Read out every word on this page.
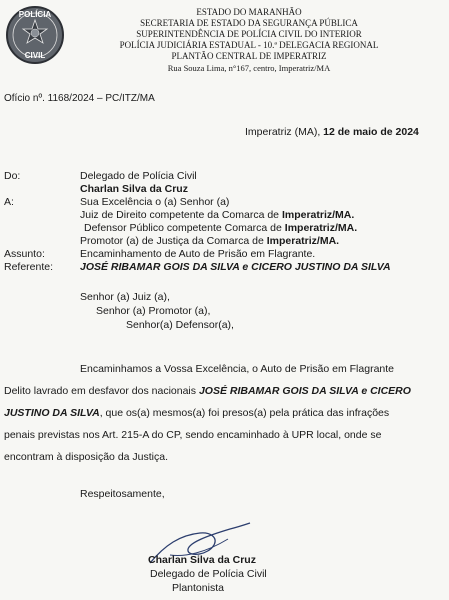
POLÍCIA
CIVIL
ESTADO DO MARANHÃO
SECRETARIA DE ESTADO DA SEGURANÇA PÚBLICA
SUPERINTENDÊNCIA DE POLÍCIA CIVIL DO INTERIOR
POLÍCIA JUDICIÁRIA ESTADUAL - 10.ª DELEGACIA REGIONAL
PLANTÃO CENTRAL DE IMPERATRIZ
Rua Souza Lima, n°167, centro, Imperatriz/MA
Ofício nº. 1168/2024 – PC/ITZ/MA
Imperatriz (MA), 12 de maio de 2024
Do:	Delegado de Polícia Civil
Charlan Silva da Cruz
A:	Sua Excelência o (a) Senhor (a)
Juiz de Direito competente da Comarca de Imperatriz/MA.
Defensor Público competente Comarca de Imperatriz/MA.
Promotor (a) de Justiça da Comarca de Imperatriz/MA.
Assunto:	Encaminhamento de Auto de Prisão em Flagrante.
Referente:	JOSÉ RIBAMAR GOIS DA SILVA e CICERO JUSTINO DA SILVA
Senhor (a) Juiz (a),
Senhor (a) Promotor (a),
Senhor(a) Defensor(a),
Encaminhamos a Vossa Excelência, o Auto de Prisão em Flagrante
Delito lavrado em desfavor dos nacionais JOSÉ RIBAMAR GOIS DA SILVA e CICERO
JUSTINO DA SILVA, que os(a) mesmos(a) foi presos(a) pela prática das infrações
penais previstas nos Art. 215-A do CP, sendo encaminhado à UPR local, onde se
encontram à disposição da Justiça.
Respeitosamente,
Charlan Silva da Cruz
Delegado de Polícia Civil
Plantonista
